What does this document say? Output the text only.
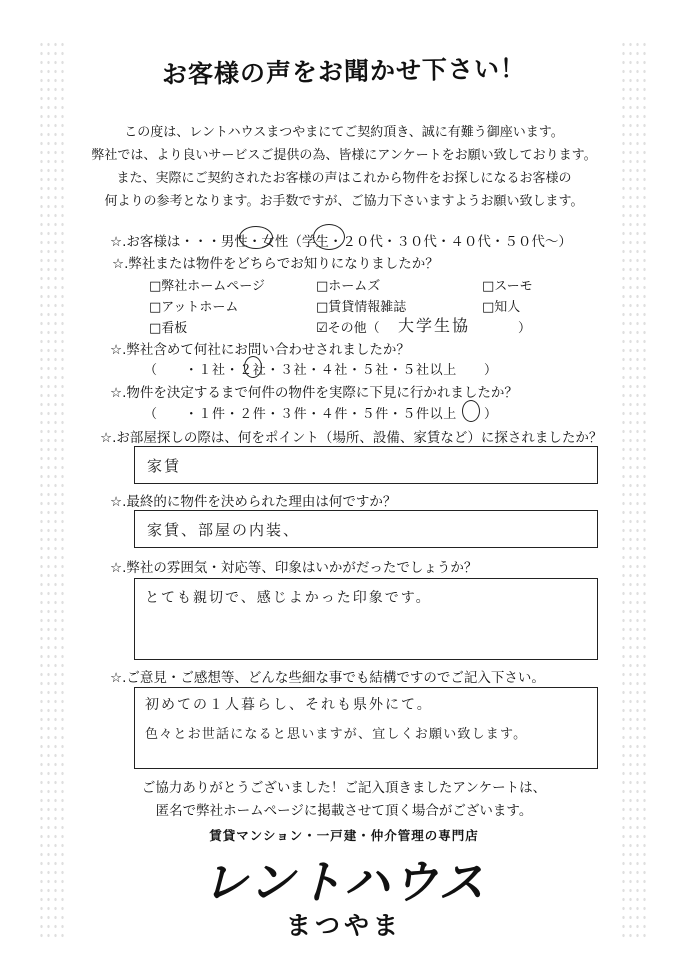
お客様の声をお聞かせ下さい！
この度は、レントハウスまつやまにてご契約頂き、誠に有難う御座います。
弊社では、より良いサービスご提供の為、皆様にアンケートをお願い致しております。
また、実際にご契約されたお客様の声はこれから物件をお探しになるお客様の
何よりの参考となります。お手数ですが、ご協力下さいますようお願い致します。
☆.お客様は・・・男性・女性（学生・２０代・３０代・４０代・５０代～）
☆.弊社または物件をどちらでお知りになりましたか？
□弊社ホームページ	□ホームズ	□スーモ
□アットホーム	□賃貸情報雑誌	□知人
□看板	☑その他（ 大学生協	）
☆.弊社含めて何社にお問い合わせされましたか？
（　　・１社・２社・３社・４社・５社・５社以上　　）
☆.物件を決定するまで何件の物件を実際に下見に行かれましたか？
（　　・１件・２件・３件・４件・５件・５件以上　　）
☆.お部屋探しの際は、何をポイント（場所、設備、家賃など）に探されましたか？
家賃
☆.最終的に物件を決められた理由は何ですか？
家賃、部屋の内装、
☆.弊社の雰囲気・対応等、印象はいかがだったでしょうか？
とても親切で、感じよかった印象です。
☆.ご意見・ご感想等、どんな些細な事でも結構ですのでご記入下さい。
初めての１人暮らし、それも県外にて。
色々とお世話になると思いますが、宜しくお願い致します。
ご協力ありがとうございました！ご記入頂きましたアンケートは、
匿名で弊社ホームページに掲載させて頂く場合がございます。
賃貸マンション・一戸建・仲介管理の専門店
レントハウス
まつやま
